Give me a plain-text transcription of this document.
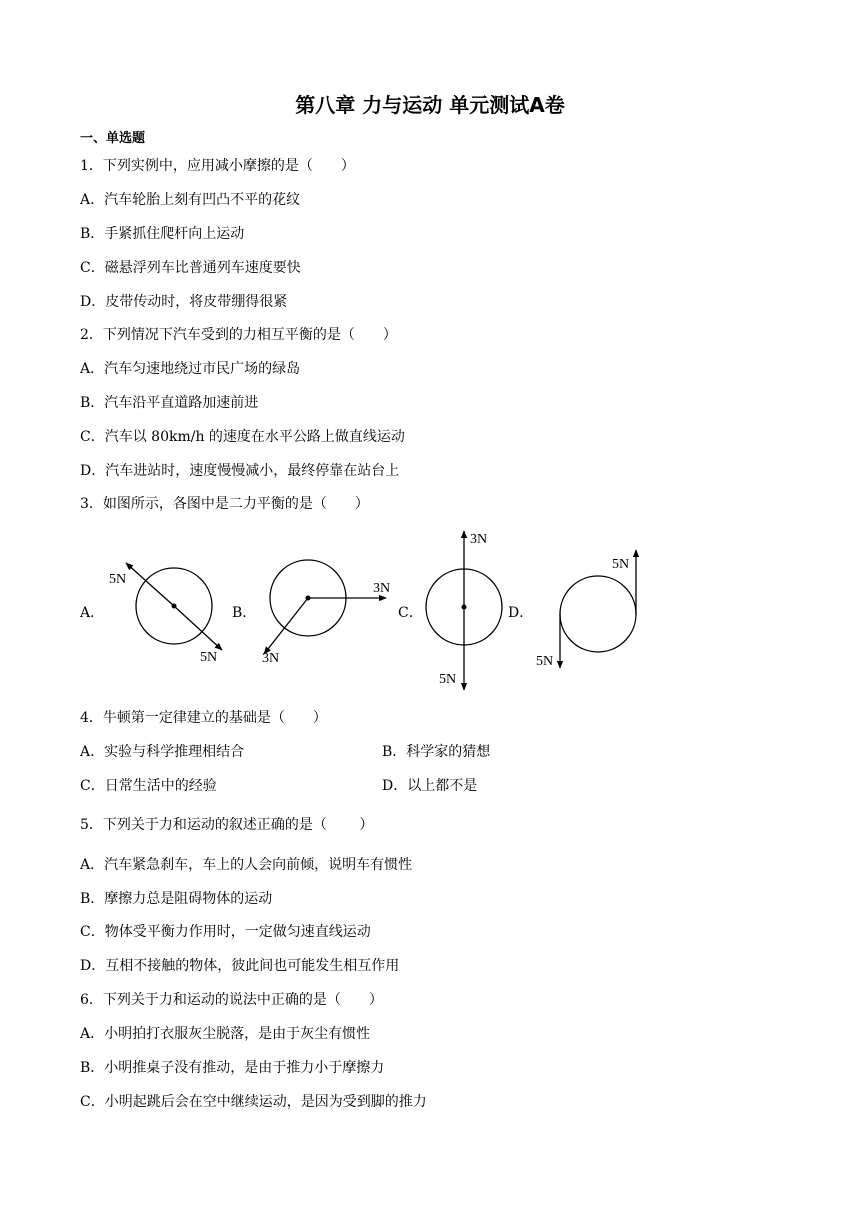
第八章 力与运动 单元测试A卷
一、单选题
1．下列实例中，应用减小摩擦的是（　　）
A．汽车轮胎上刻有凹凸不平的花纹
B．手紧抓住爬杆向上运动
C．磁悬浮列车比普通列车速度要快
D．皮带传动时，将皮带绷得很紧
2．下列情况下汽车受到的力相互平衡的是（　　）
A．汽车匀速地绕过市民广场的绿岛
B．汽车沿平直道路加速前进
C．汽车以 80km/h 的速度在水平公路上做直线运动
D．汽车进站时，速度慢慢减小，最终停靠在站台上
3．如图所示，各图中是二力平衡的是（　　）
A．	B．	C．	D．
5N
5N
3N
3N
3N
5N
5N
5N
4．牛顿第一定律建立的基础是（　　）
A．实验与科学推理相结合	B．科学家的猜想
C．日常生活中的经验	D．以上都不是
5．下列关于力和运动的叙述正确的是（　　 ）
A．汽车紧急刹车，车上的人会向前倾，说明车有惯性
B．摩擦力总是阻碍物体的运动
C．物体受平衡力作用时，一定做匀速直线运动
D．互相不接触的物体，彼此间也可能发生相互作用
6．下列关于力和运动的说法中正确的是（　　）
A．小明拍打衣服灰尘脱落，是由于灰尘有惯性
B．小明推桌子没有推动，是由于推力小于摩擦力
C．小明起跳后会在空中继续运动，是因为受到脚的推力
